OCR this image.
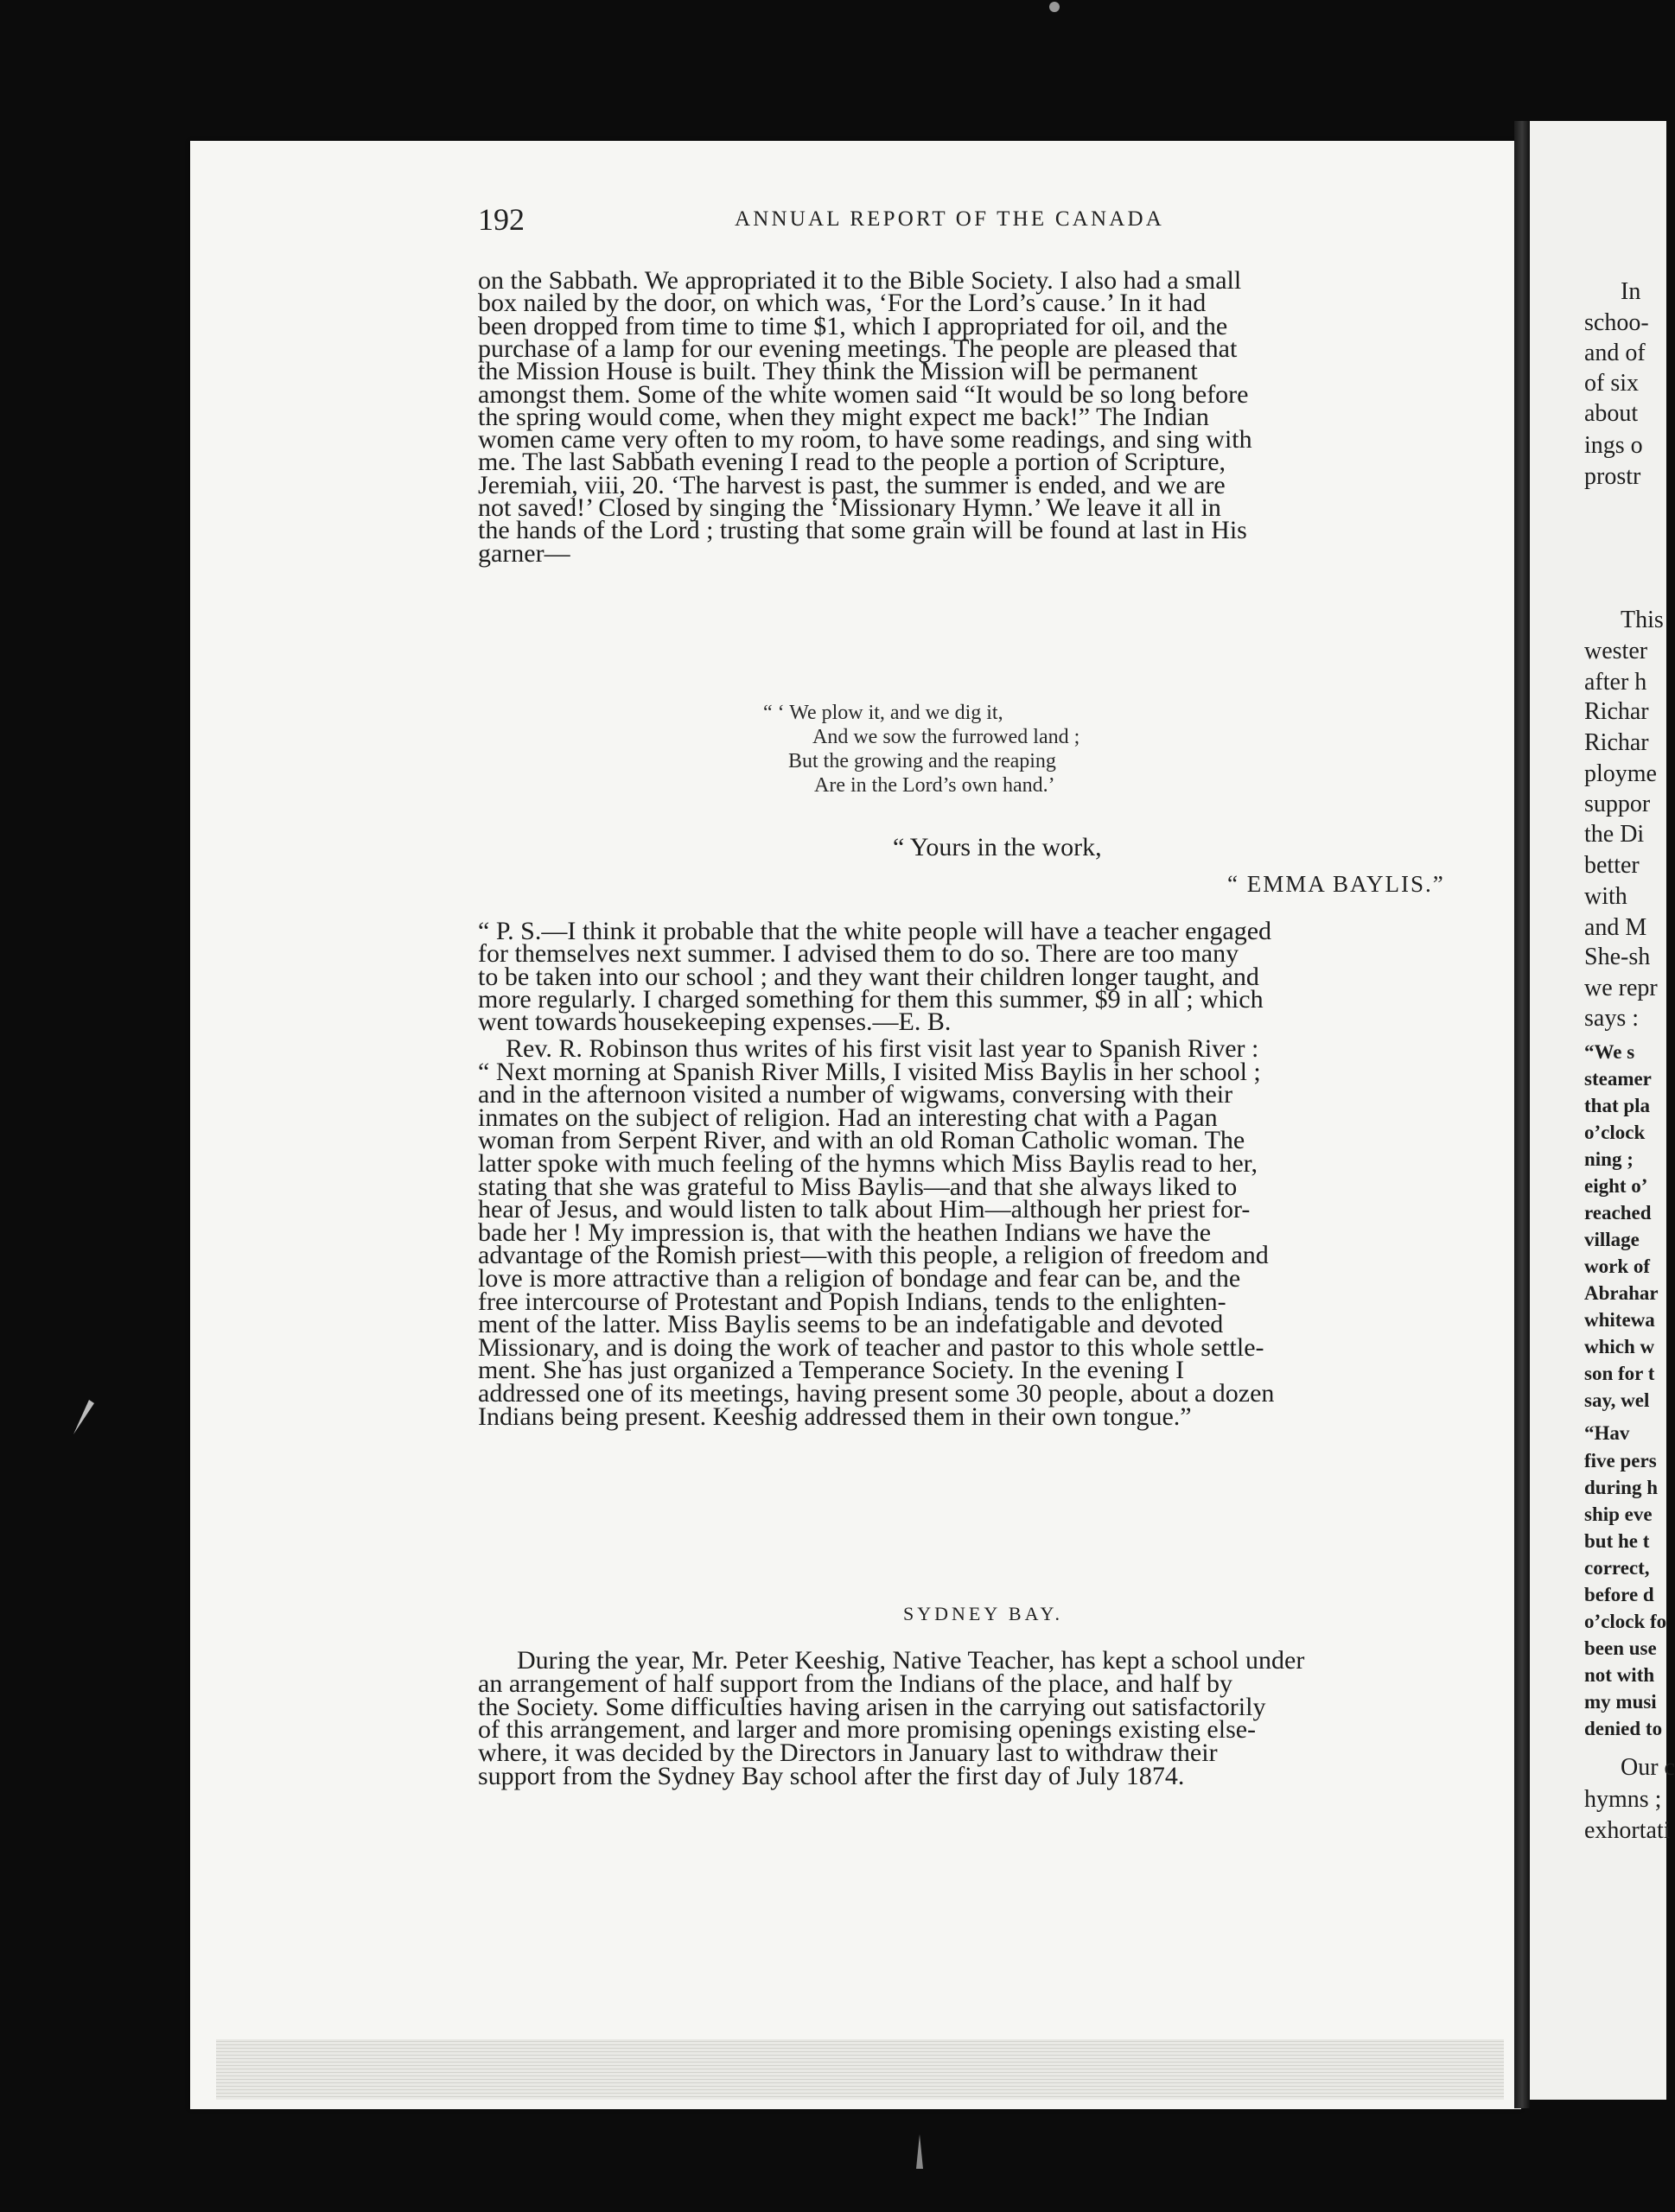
192	ANNUAL REPORT OF THE CANADA
on the Sabbath. We appropriated it to the Bible Society. I also had a small
box nailed by the door, on which was, ‘For the Lord’s cause.’ In it had
been dropped from time to time $1, which I appropriated for oil, and the
purchase of a lamp for our evening meetings. The people are pleased that
the Mission House is built. They think the Mission will be permanent
amongst them. Some of the white women said “It would be so long before
the spring would come, when they might expect me back!” The Indian
women came very often to my room, to have some readings, and sing with
me. The last Sabbath evening I read to the people a portion of Scripture,
Jeremiah, viii, 20. ‘The harvest is past, the summer is ended, and we are
not saved!’ Closed by singing the ‘Missionary Hymn.’ We leave it all in
the hands of the Lord ; trusting that some grain will be found at last in His
garner—
“ ‘ We plow it, and we dig it,
And we sow the furrowed land ;
But the growing and the reaping
Are in the Lord’s own hand.’
“ Yours in the work,
“ EMMA BAYLIS.”
“ P. S.—I think it probable that the white people will have a teacher engaged
for themselves next summer. I advised them to do so. There are too many
to be taken into our school ; and they want their children longer taught, and
more regularly. I charged something for them this summer, $9 in all ; which
went towards housekeeping expenses.—E. B.
Rev. R. Robinson thus writes of his first visit last year to Spanish River :
“ Next morning at Spanish River Mills, I visited Miss Baylis in her school ;
and in the afternoon visited a number of wigwams, conversing with their
inmates on the subject of religion. Had an interesting chat with a Pagan
woman from Serpent River, and with an old Roman Catholic woman. The
latter spoke with much feeling of the hymns which Miss Baylis read to her,
stating that she was grateful to Miss Baylis—and that she always liked to
hear of Jesus, and would listen to talk about Him—although her priest for-
bade her ! My impression is, that with the heathen Indians we have the
advantage of the Romish priest—with this people, a religion of freedom and
love is more attractive than a religion of bondage and fear can be, and the
free intercourse of Protestant and Popish Indians, tends to the enlighten-
ment of the latter. Miss Baylis seems to be an indefatigable and devoted
Missionary, and is doing the work of teacher and pastor to this whole settle-
ment. She has just organized a Temperance Society. In the evening I
addressed one of its meetings, having present some 30 people, about a dozen
Indians being present. Keeshig addressed them in their own tongue.”
SYDNEY BAY.
During the year, Mr. Peter Keeshig, Native Teacher, has kept a school under
an arrangement of half support from the Indians of the place, and half by
the Society. Some difficulties having arisen in the carrying out satisfactorily
of this arrangement, and larger and more promising openings existing else-
where, it was decided by the Directors in January last to withdraw their
support from the Sydney Bay school after the first day of July 1874.
In
schoo-
and of
of six
about
ings o
prostr
This
wester
after h
Richar
Richar
ployme
suppor
the Di
better
with
and M
She-sh
we repr
says :
“We s
steamer
that pla
o’clock
ning ;
eight o’
reached
village
work of
Abrahar
whitewa
which w
son for t
say, wel
“Hav
five pers
during h
ship eve
but he t
correct,
before d
o’clock fo
been use
not with
my musi
denied to
Our c
hymns ;
exhortati
